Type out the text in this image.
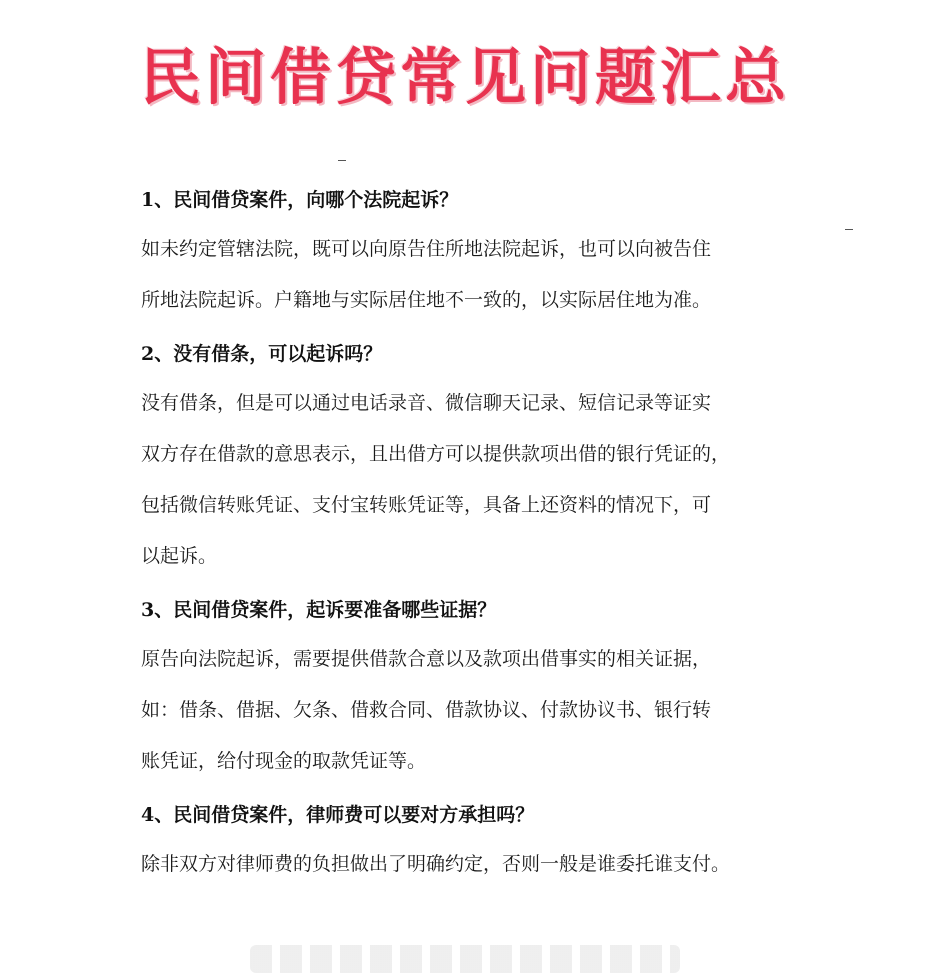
民间借贷常见问题汇总

1、民间借贷案件，向哪个法院起诉？

如未约定管辖法院，既可以向原告住所地法院起诉，也可以向被告住
所地法院起诉。户籍地与实际居住地不一致的，以实际居住地为准。

2、没有借条，可以起诉吗？

没有借条，但是可以通过电话录音、微信聊天记录、短信记录等证实
双方存在借款的意思表示，且出借方可以提供款项出借的银行凭证的，
包括微信转账凭证、支付宝转账凭证等，具备上还资料的情况下，可
以起诉。

3、民间借贷案件，起诉要准备哪些证据？

原告向法院起诉，需要提供借款合意以及款项出借事实的相关证据，
如：借条、借据、欠条、借救合同、借款协议、付款协议书、银行转
账凭证，给付现金的取款凭证等。

4、民间借贷案件，律师费可以要对方承担吗？

除非双方对律师费的负担做出了明确约定，否则一般是谁委托谁支付。
